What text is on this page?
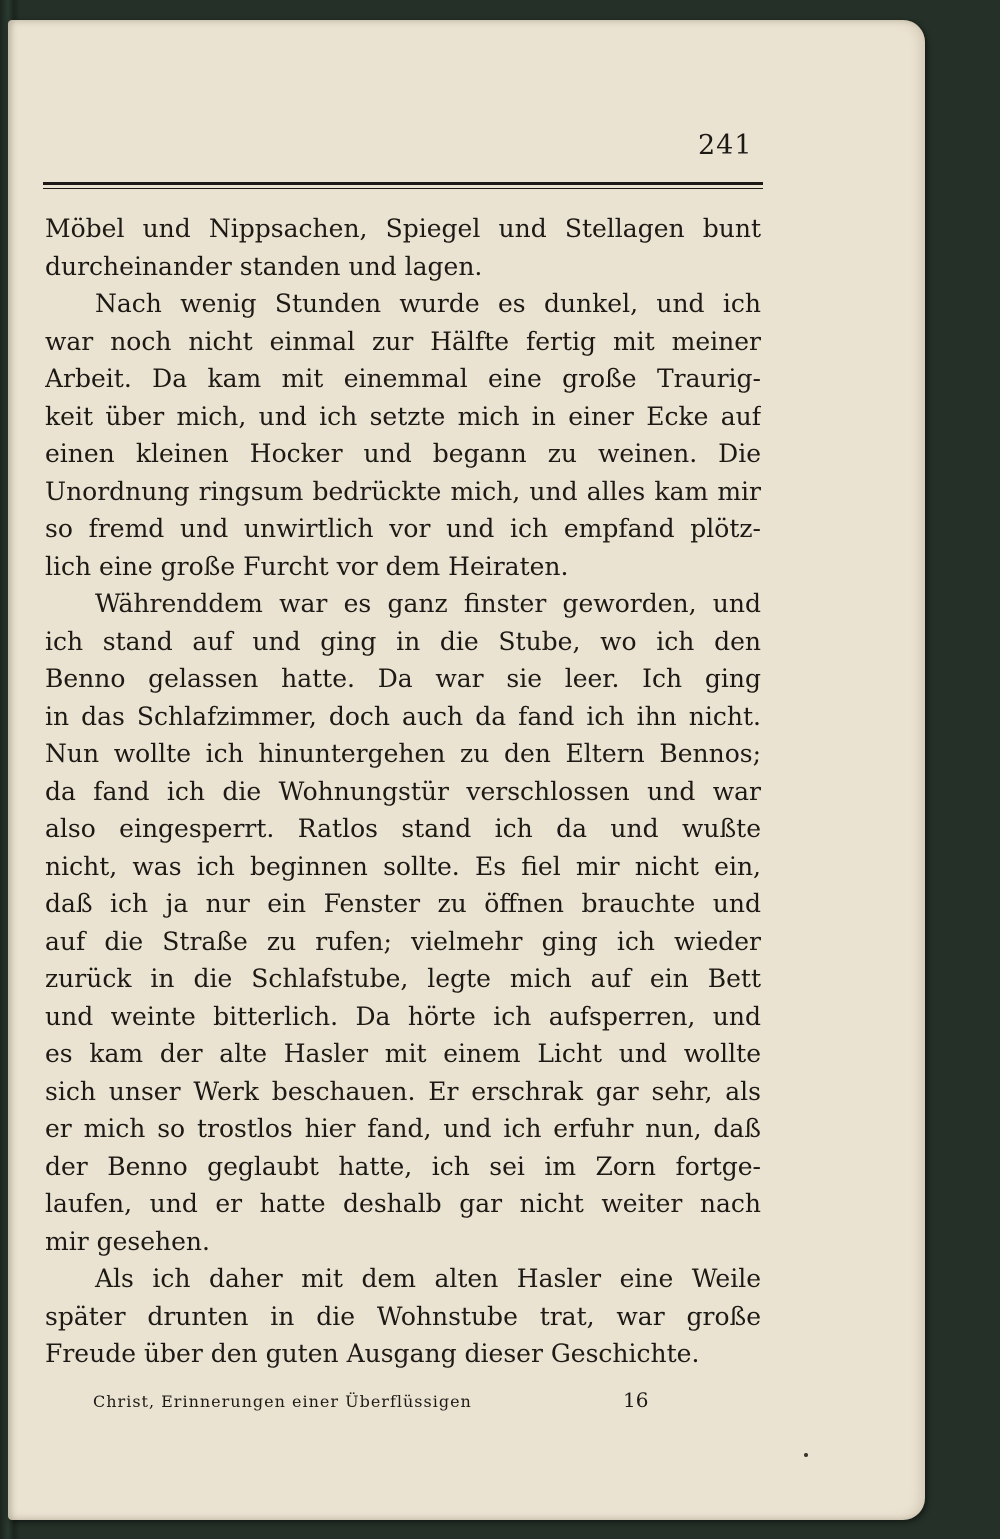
241
Möbel und Nippsachen, Spiegel und Stellagen bunt
durcheinander standen und lagen.
Nach wenig Stunden wurde es dunkel, und ich
war noch nicht einmal zur Hälfte fertig mit meiner
Arbeit. Da kam mit einemmal eine große Traurig-
keit über mich, und ich setzte mich in einer Ecke auf
einen kleinen Hocker und begann zu weinen. Die
Unordnung ringsum bedrückte mich, und alles kam mir
so fremd und unwirtlich vor und ich empfand plötz-
lich eine große Furcht vor dem Heiraten.
Währenddem war es ganz finster geworden, und
ich stand auf und ging in die Stube, wo ich den
Benno gelassen hatte. Da war sie leer. Ich ging
in das Schlafzimmer, doch auch da fand ich ihn nicht.
Nun wollte ich hinuntergehen zu den Eltern Bennos;
da fand ich die Wohnungstür verschlossen und war
also eingesperrt. Ratlos stand ich da und wußte
nicht, was ich beginnen sollte. Es fiel mir nicht ein,
daß ich ja nur ein Fenster zu öffnen brauchte und
auf die Straße zu rufen; vielmehr ging ich wieder
zurück in die Schlafstube, legte mich auf ein Bett
und weinte bitterlich. Da hörte ich aufsperren, und
es kam der alte Hasler mit einem Licht und wollte
sich unser Werk beschauen. Er erschrak gar sehr, als
er mich so trostlos hier fand, und ich erfuhr nun, daß
der Benno geglaubt hatte, ich sei im Zorn fortge-
laufen, und er hatte deshalb gar nicht weiter nach
mir gesehen.
Als ich daher mit dem alten Hasler eine Weile
später drunten in die Wohnstube trat, war große
Freude über den guten Ausgang dieser Geschichte.
Christ, Erinnerungen einer Überflüssigen	16
